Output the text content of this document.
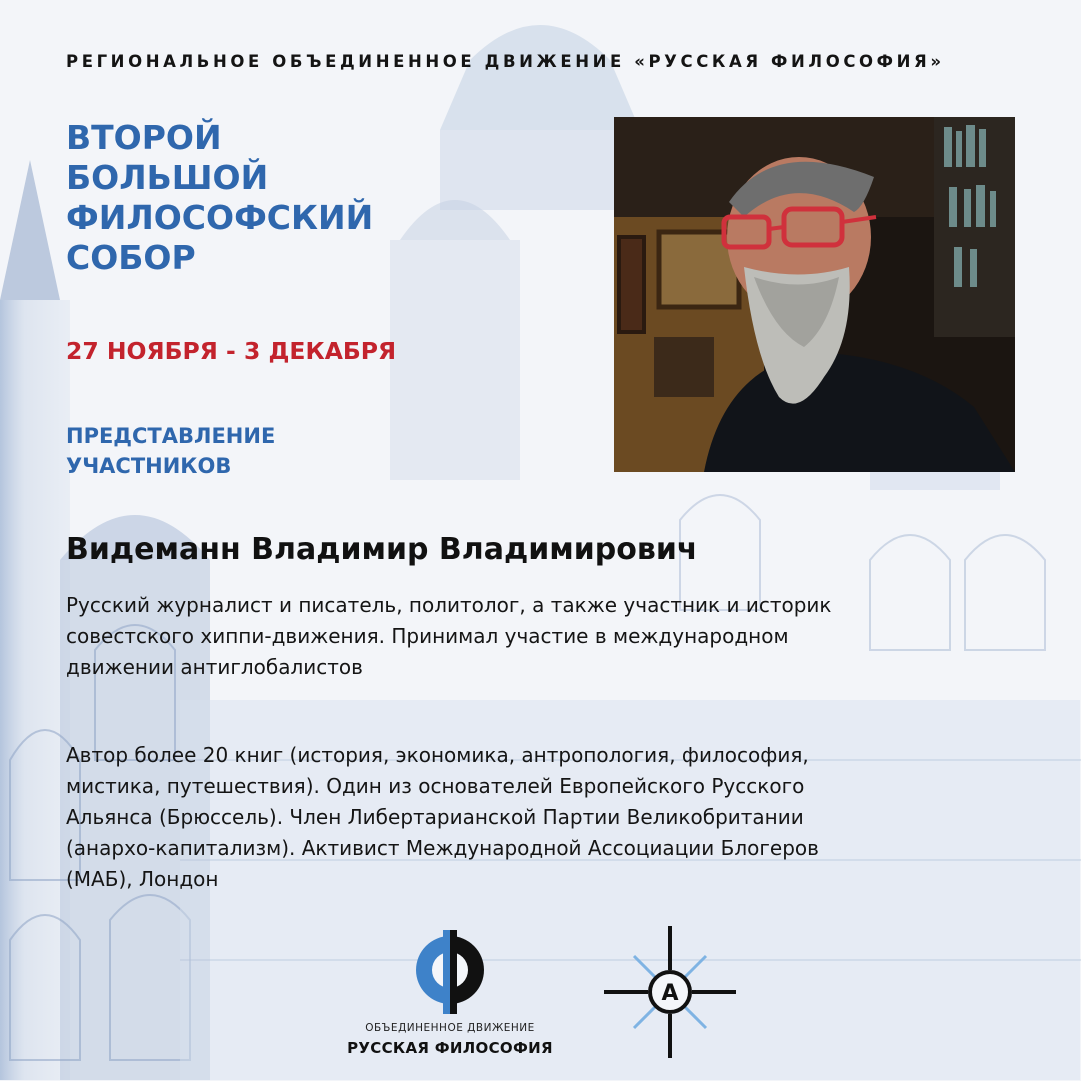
РЕГИОНАЛЬНОЕ ОБЪЕДИНЕННОЕ ДВИЖЕНИЕ «РУССКАЯ ФИЛОСОФИЯ»
ВТОРОЙ
БОЛЬШОЙ
ФИЛОСОФСКИЙ
СОБОР
27 НОЯБРЯ - 3 ДЕКАБРЯ
ПРЕДСТАВЛЕНИЕ
УЧАСТНИКОВ
Видеманн Владимир Владимирович

Русский журналист и писатель, политолог, а также участник и историк
совестского хиппи-движения. Принимал участие в международном
движении антиглобалистов

Автор более 20 книг (история, экономика, антропология, философия,
мистика, путешествия). Один из основателей Европейского Русского
Альянса (Брюссель). Член Либертарианской Партии Великобритании
(анархо-капитализм). Активист Международной Ассоциации Блогеров
(МАБ), Лондон

ОБЪЕДИНЕННОЕ ДВИЖЕНИЕ
РУССКАЯ ФИЛОСОФИЯ
А
